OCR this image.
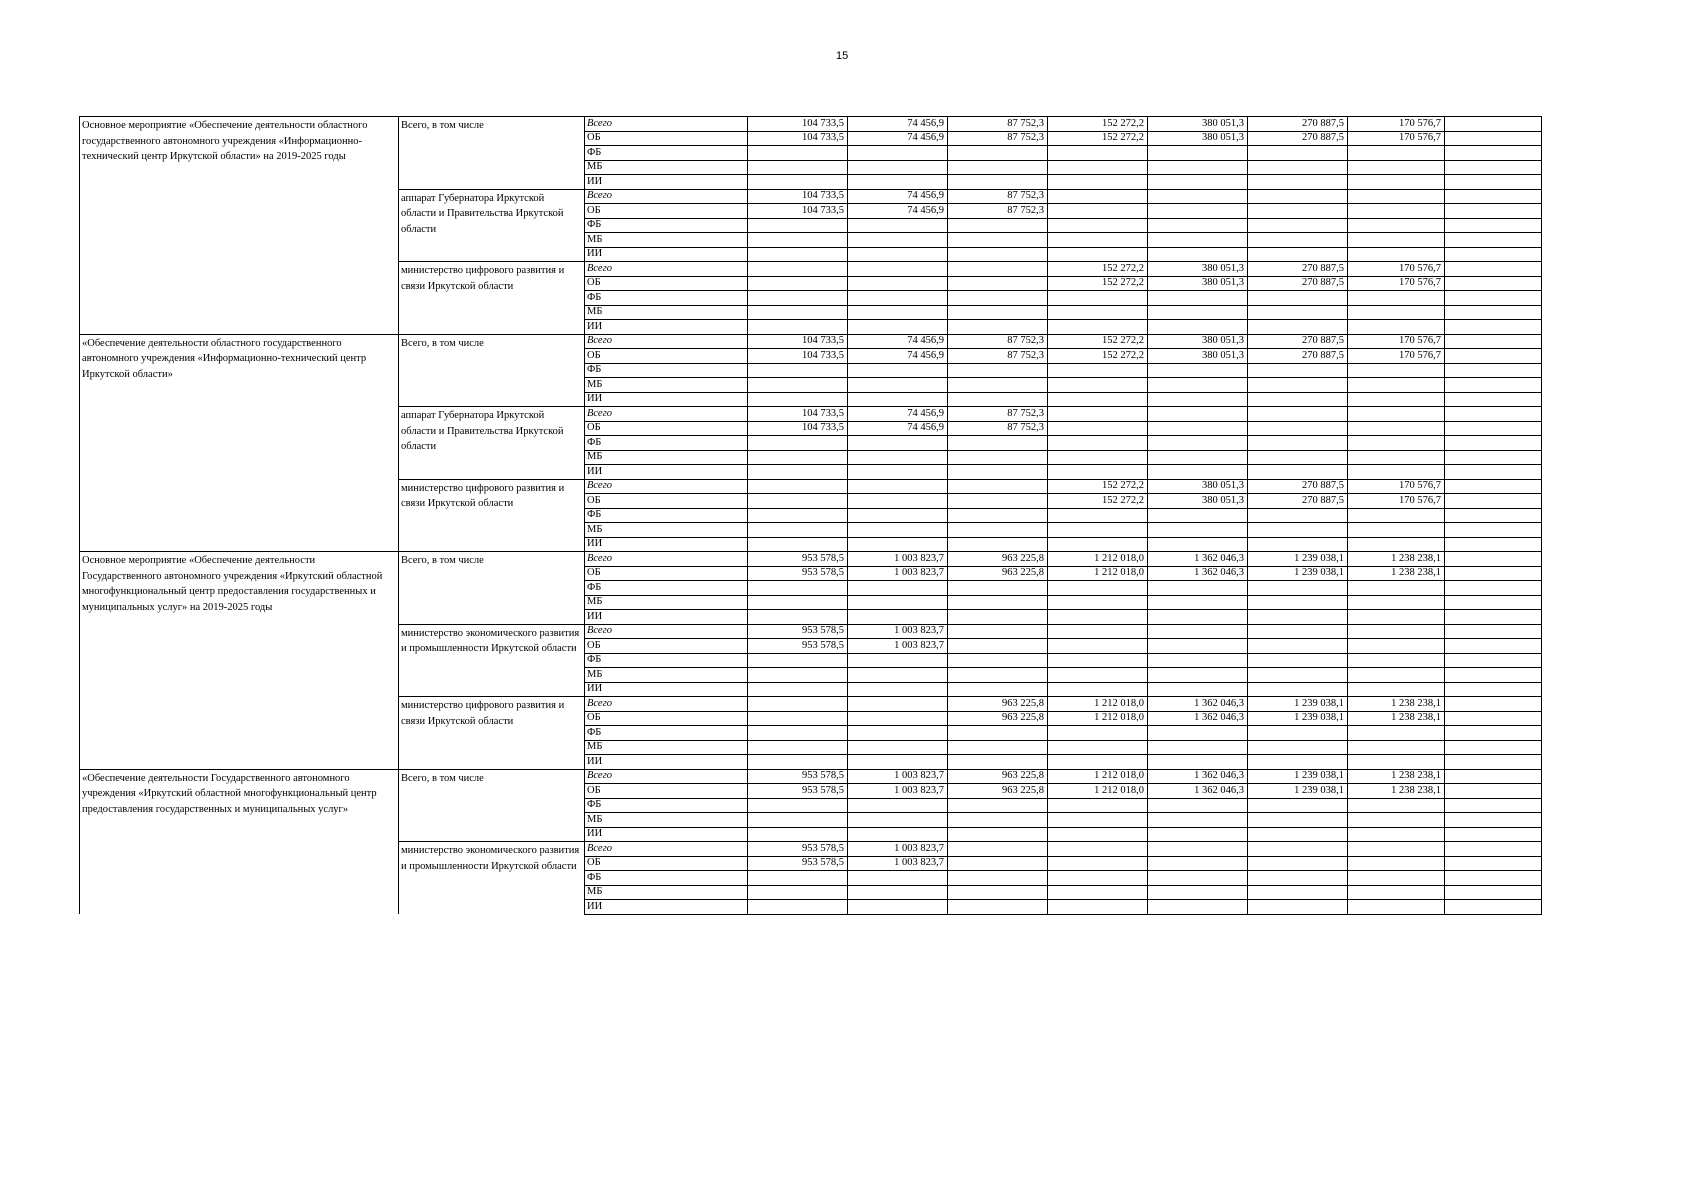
15
Основное мероприятие «Обеспечение деятельности областного государственного автономного учреждения «Информационно-технический центр Иркутской области» на 2019-2025 годы	Всего, в том числе	Всего	104 733,5	74 456,9	87 752,3	152 272,2	380 051,3	270 887,5	170 576,7	
		ОБ	104 733,5	74 456,9	87 752,3	152 272,2	380 051,3	270 887,5	170 576,7	
		ФБ								
		МБ								
		ИИ								
	аппарат Губернатора Иркутской области и Правительства Иркутской области	Всего	104 733,5	74 456,9	87 752,3					
		ОБ	104 733,5	74 456,9	87 752,3					
		ФБ								
		МБ								
		ИИ								
	министерство цифрового развития и связи Иркутской области	Всего				152 272,2	380 051,3	270 887,5	170 576,7	
		ОБ				152 272,2	380 051,3	270 887,5	170 576,7	
		ФБ								
		МБ								
		ИИ								
«Обеспечение деятельности областного государственного автономного учреждения «Информационно-технический центр Иркутской области»	Всего, в том числе	Всего	104 733,5	74 456,9	87 752,3	152 272,2	380 051,3	270 887,5	170 576,7	
		ОБ	104 733,5	74 456,9	87 752,3	152 272,2	380 051,3	270 887,5	170 576,7	
		ФБ								
		МБ								
		ИИ								
	аппарат Губернатора Иркутской области и Правительства Иркутской области	Всего	104 733,5	74 456,9	87 752,3					
		ОБ	104 733,5	74 456,9	87 752,3					
		ФБ								
		МБ								
		ИИ								
	министерство цифрового развития и связи Иркутской области	Всего				152 272,2	380 051,3	270 887,5	170 576,7	
		ОБ				152 272,2	380 051,3	270 887,5	170 576,7	
		ФБ								
		МБ								
		ИИ								
Основное мероприятие «Обеспечение деятельности Государственного автономного учреждения «Иркутский областной многофункциональный центр предоставления государственных и муниципальных услуг» на 2019-2025 годы	Всего, в том числе	Всего	953 578,5	1 003 823,7	963 225,8	1 212 018,0	1 362 046,3	1 239 038,1	1 238 238,1	
		ОБ	953 578,5	1 003 823,7	963 225,8	1 212 018,0	1 362 046,3	1 239 038,1	1 238 238,1	
		ФБ								
		МБ								
		ИИ								
	министерство экономического развития и промышленности Иркутской области	Всего	953 578,5	1 003 823,7						
		ОБ	953 578,5	1 003 823,7						
		ФБ								
		МБ								
		ИИ								
	министерство цифрового развития и связи Иркутской области	Всего			963 225,8	1 212 018,0	1 362 046,3	1 239 038,1	1 238 238,1	
		ОБ			963 225,8	1 212 018,0	1 362 046,3	1 239 038,1	1 238 238,1	
		ФБ								
		МБ								
		ИИ								
«Обеспечение деятельности Государственного автономного учреждения «Иркутский областной многофункциональный центр предоставления государственных и муниципальных услуг»	Всего, в том числе	Всего	953 578,5	1 003 823,7	963 225,8	1 212 018,0	1 362 046,3	1 239 038,1	1 238 238,1	
		ОБ	953 578,5	1 003 823,7	963 225,8	1 212 018,0	1 362 046,3	1 239 038,1	1 238 238,1	
		ФБ								
		МБ								
		ИИ								
	министерство экономического развития и промышленности Иркутской области	Всего	953 578,5	1 003 823,7						
		ОБ	953 578,5	1 003 823,7						
		ФБ								
		МБ								
		ИИ								
